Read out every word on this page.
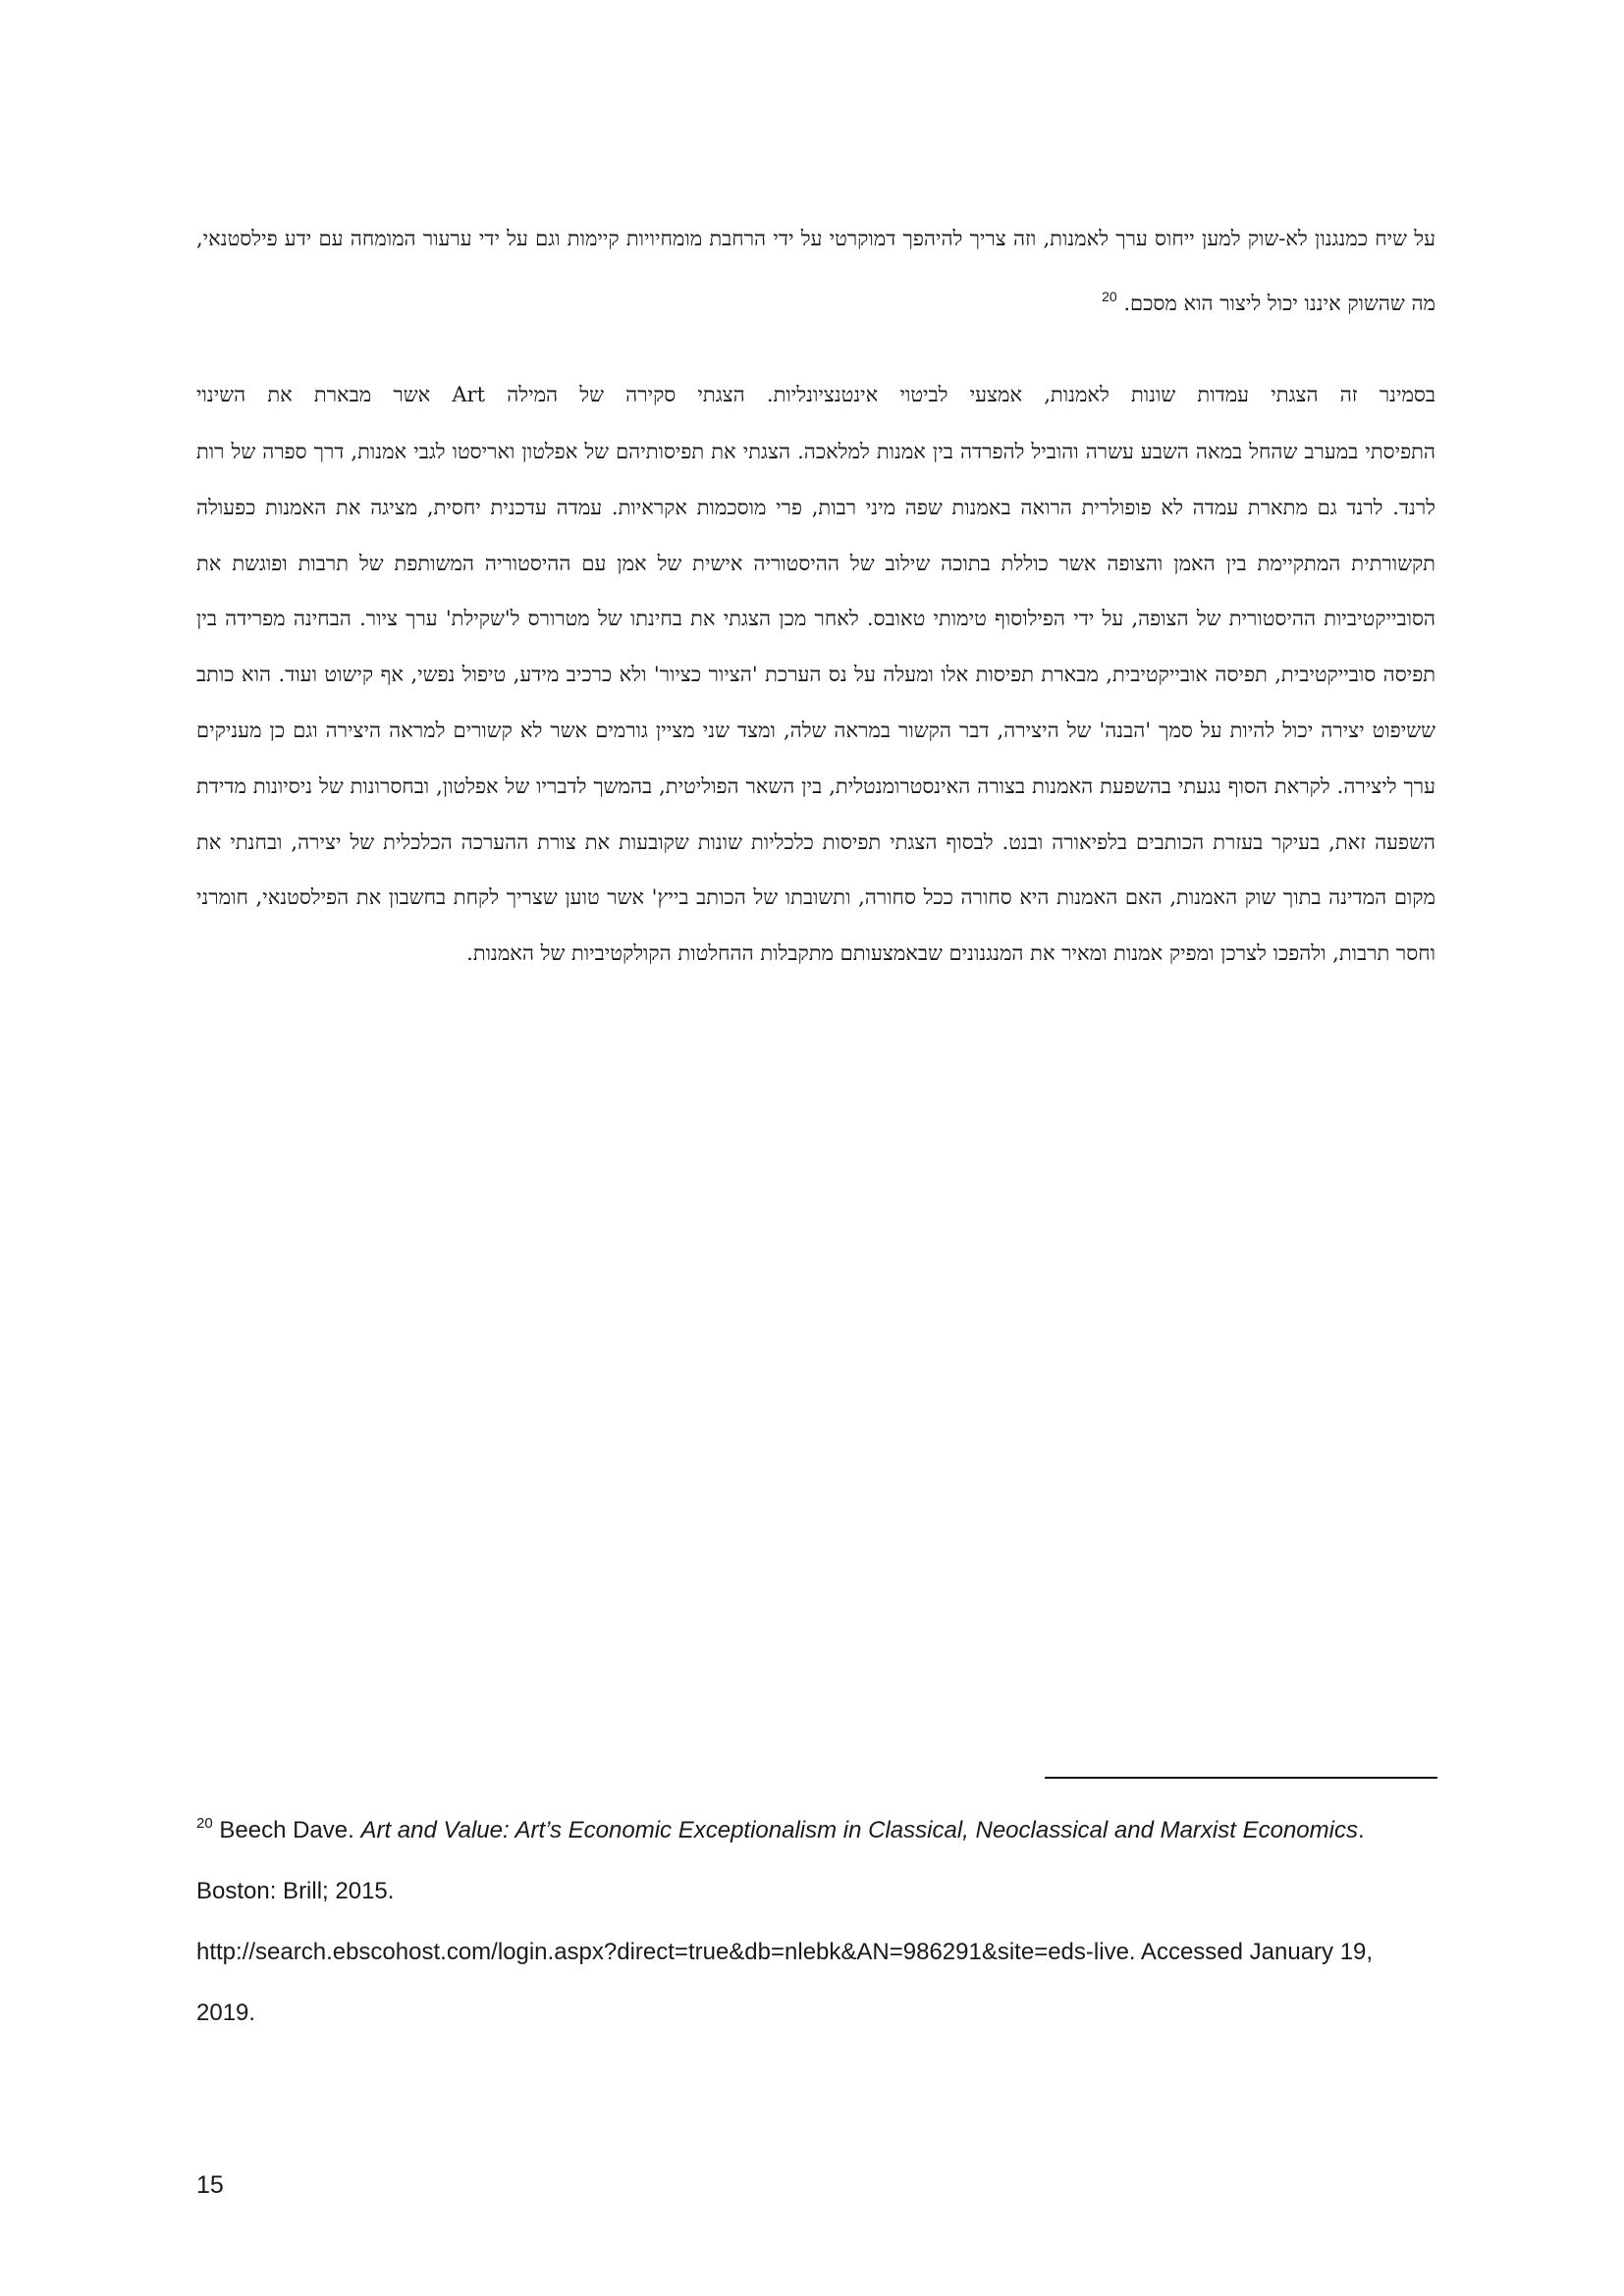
על שיח כמנגנון לא-שוק למען ייחוס ערך לאמנות, וזה צריך להיהפך דמוקרטי על ידי הרחבת מומחיויות קיימות וגם על ידי ערעור המומחה עם ידע פילסטנאי, מה שהשוק איננו יכול ליצור הוא מסכם. $^{20}$
בסמינר זה הצגתי עמדות שונות לאמנות, אמצעי לביטוי אינטנציונליות. הצגתי סקירה של המילה Art אשר מבארת את השינוי
התפיסתי במערב שהחל במאה השבע עשרה והוביל להפרדה בין אמנות למלאכה. הצגתי את תפיסותיהם של אפלטון ואריסטו לגבי אמנות, דרך ספרה של רות לרנד. לרנד גם מתארת עמדה לא פופולרית הרואה באמנות שפה מיני רבות, פרי מוסכמות אקראיות. עמדה עדכנית יחסית, מציגה את האמנות כפעולה תקשורתית המתקיימת בין האמן והצופה אשר כוללת בתוכה שילוב של ההיסטוריה אישית של אמן עם ההיסטוריה המשותפת של תרבות ופוגשת את הסובייקטיביות ההיסטורית של הצופה, על ידי הפילוסוף טימותי טאובס. לאחר מכן הצגתי את בחינתו של מטרורס ל'שקילת' ערך ציור. הבחינה מפרידה בין תפיסה סובייקטיבית, תפיסה אובייקטיבית, מבארת תפיסות אלו ומעלה על נס הערכת 'הציור כציור' ולא כרכיב מידע, טיפול נפשי, אף קישוט ועוד. הוא כותב ששיפוט יצירה יכול להיות על סמך 'הבנה' של היצירה, דבר הקשור במראה שלה, ומצד שני מציין גורמים אשר לא קשורים למראה היצירה וגם כן מעניקים ערך ליצירה. לקראת הסוף נגעתי בהשפעת האמנות בצורה האינסטרומנטלית, בין השאר הפוליטית, בהמשך לדבריו של אפלטון, ובחסרונות של ניסיונות מדידת השפעה זאת, בעיקר בעזרת הכותבים בלפיאורה ובנט. לבסוף הצגתי תפיסות כלכליות שונות שקובעות את צורת ההערכה הכלכלית של יצירה, ובחנתי את מקום המדינה בתוך שוק האמנות, האם האמנות היא סחורה ככל סחורה, ותשובתו של הכותב בייץ' אשר טוען שצריך לקחת בחשבון את הפילסטנאי, חומרני וחסר תרבות, ולהפכו לצרכן ומפיק אמנות ומאיר את המנגנונים שבאמצעותם מתקבלות ההחלטות הקולקטיביות של האמנות.

$^{20}$ Beech Dave. Art and Value: Art’s Economic Exceptionalism in Classical, Neoclassical and Marxist Economics. Boston: Brill; 2015.

http://search.ebscohost.com/login.aspx?direct=true&db=nlebk&AN=986291&site=eds-live. Accessed January 19, 2019.

15
